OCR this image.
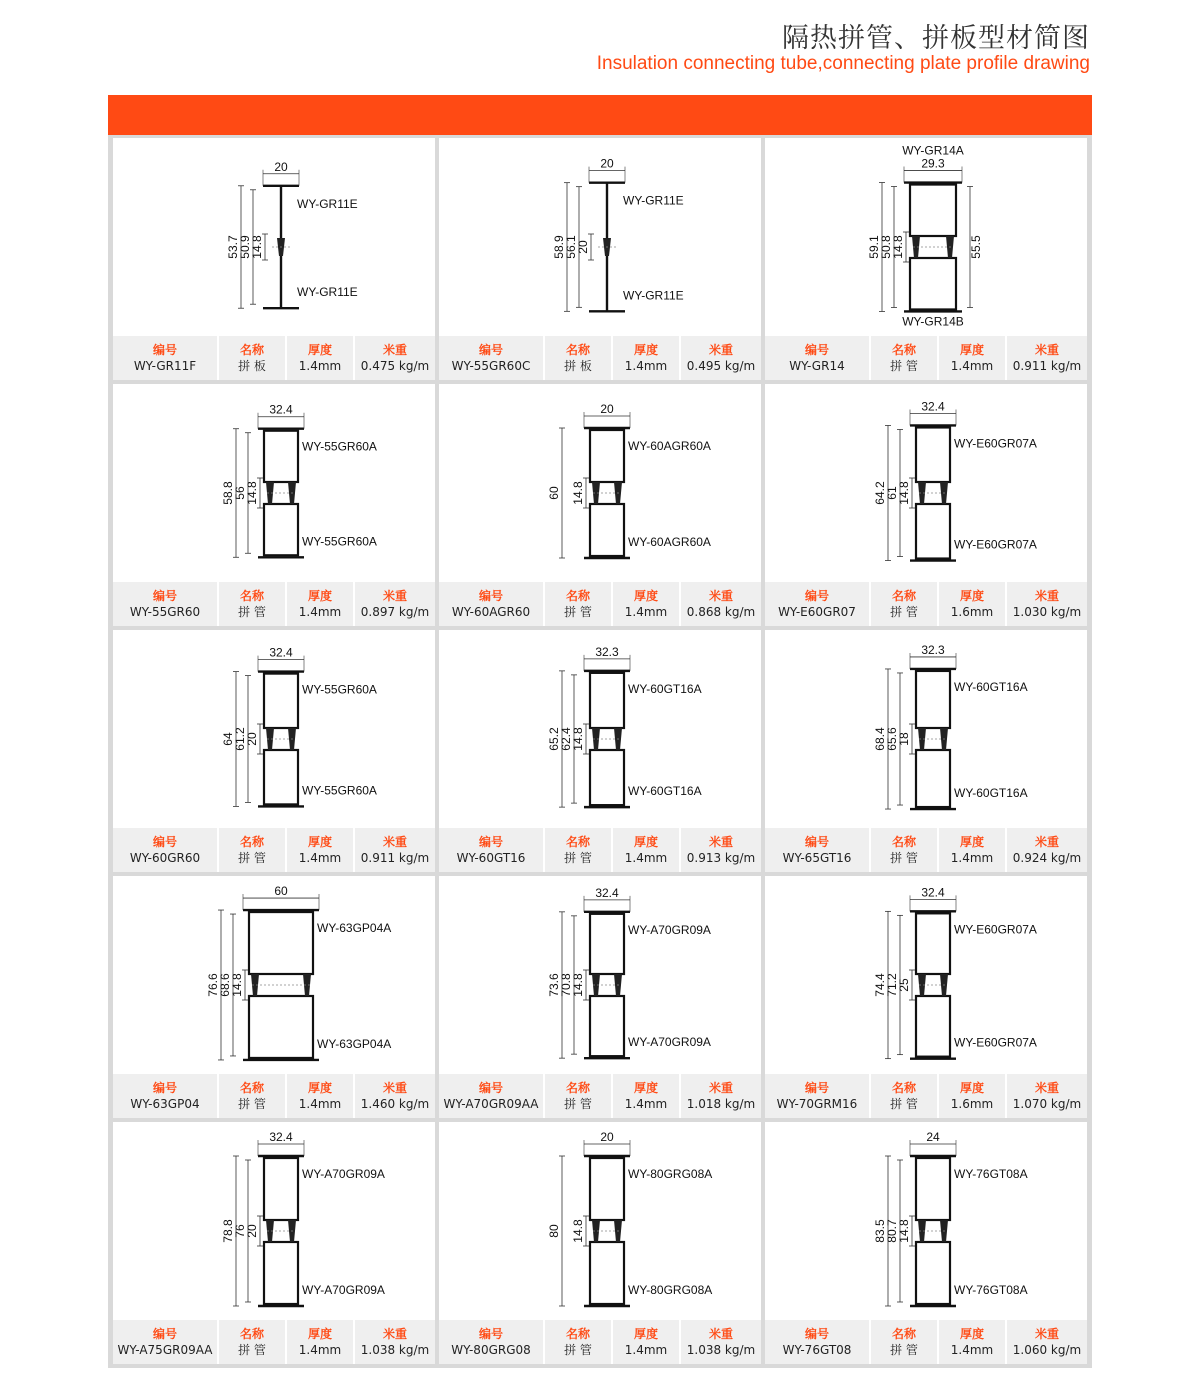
隔热拼管、拼板型材简图
Insulation connecting tube,connecting plate profile drawing
20
53.7
50.9
14.8
WY-GR11E
WY-GR11E
编号
WY-GR11F
名称
拼 板
厚度
1.4mm
米重
0.475 kg/m
20
58.9
56.1
20
WY-GR11E
WY-GR11E
编号
WY-55GR60C
名称
拼 板
厚度
1.4mm
米重
0.495 kg/m
29.3
59.1
50.8
14.8	55.5
WY-GR14A
WY-GR14B
编号
WY-GR14
名称
拼 管
厚度
1.4mm
米重
0.911 kg/m
32.4
58.8
56
14.8
WY-55GR60A
WY-55GR60A
编号
WY-55GR60
名称
拼 管
厚度
1.4mm
米重
0.897 kg/m
20
60 14.8
WY-60AGR60A
WY-60AGR60A
编号
WY-60AGR60
名称
拼 管
厚度
1.4mm
米重
0.868 kg/m
32.4
64.2
61
14.8
WY-E60GR07A
WY-E60GR07A
编号
WY-E60GR07
名称
拼 管
厚度
1.6mm
米重
1.030 kg/m
32.4
64
61.2
20
WY-55GR60A
WY-55GR60A
编号
WY-60GR60
名称
拼 管
厚度
1.4mm
米重
0.911 kg/m
32.3
65.2
62.4
14.8
WY-60GT16A
WY-60GT16A
编号
WY-60GT16
名称
拼 管
厚度
1.4mm
米重
0.913 kg/m
32.3
68.4
65.6
18
WY-60GT16A
WY-60GT16A
编号
WY-65GT16
名称
拼 管
厚度
1.4mm
米重
0.924 kg/m
60
76.6
68.6
14.8
WY-63GP04A
WY-63GP04A
编号
WY-63GP04
名称
拼 管
厚度
1.4mm
米重
1.460 kg/m
32.4
73.6
70.8
14.8
WY-A70GR09A
WY-A70GR09A
编号
WY-A70GR09AA
名称
拼 管
厚度
1.4mm
米重
1.018 kg/m
32.4
74.4
71.2
25
WY-E60GR07A
WY-E60GR07A
编号
WY-70GRM16
名称
拼 管
厚度
1.6mm
米重
1.070 kg/m
32.4
78.8
76
20
WY-A70GR09A
WY-A70GR09A
编号
WY-A75GR09AA
名称
拼 管
厚度
1.4mm
米重
1.038 kg/m
20
80 14.8
WY-80GRG08A
WY-80GRG08A
编号
WY-80GRG08
名称
拼 管
厚度
1.4mm
米重
1.038 kg/m
24
83.5
80.7
14.8
WY-76GT08A
WY-76GT08A
编号
WY-76GT08
名称
拼 管
厚度
1.4mm
米重
1.060 kg/m
